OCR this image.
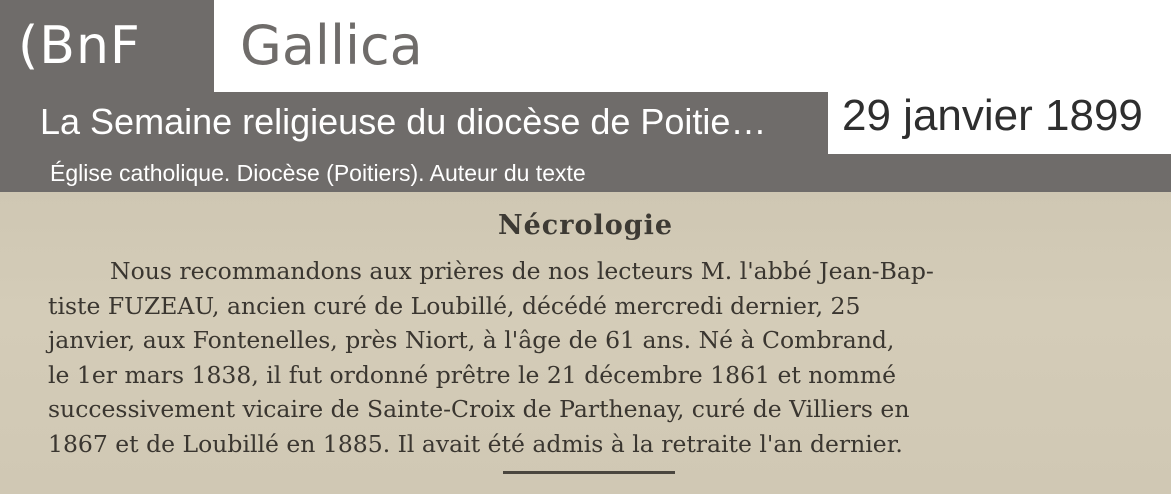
(BnF	Gallica
La Semaine religieuse du diocèse de Poitie… 29 janvier 1899
Église catholique. Diocèse (Poitiers). Auteur du texte
Nécrologie

Nous recommandons aux prières de nos lecteurs M. l'abbé Jean-Bap-

tiste FUZEAU, ancien curé de Loubillé, décédé mercredi dernier, 25

janvier, aux Fontenelles, près Niort, à l'âge de 61 ans. Né à Combrand,

le 1er mars 1838, il fut ordonné prêtre le 21 décembre 1861 et nommé

successivement vicaire de Sainte-Croix de Parthenay, curé de Villiers en

1867 et de Loubillé en 1885. Il avait été admis à la retraite l'an dernier.
